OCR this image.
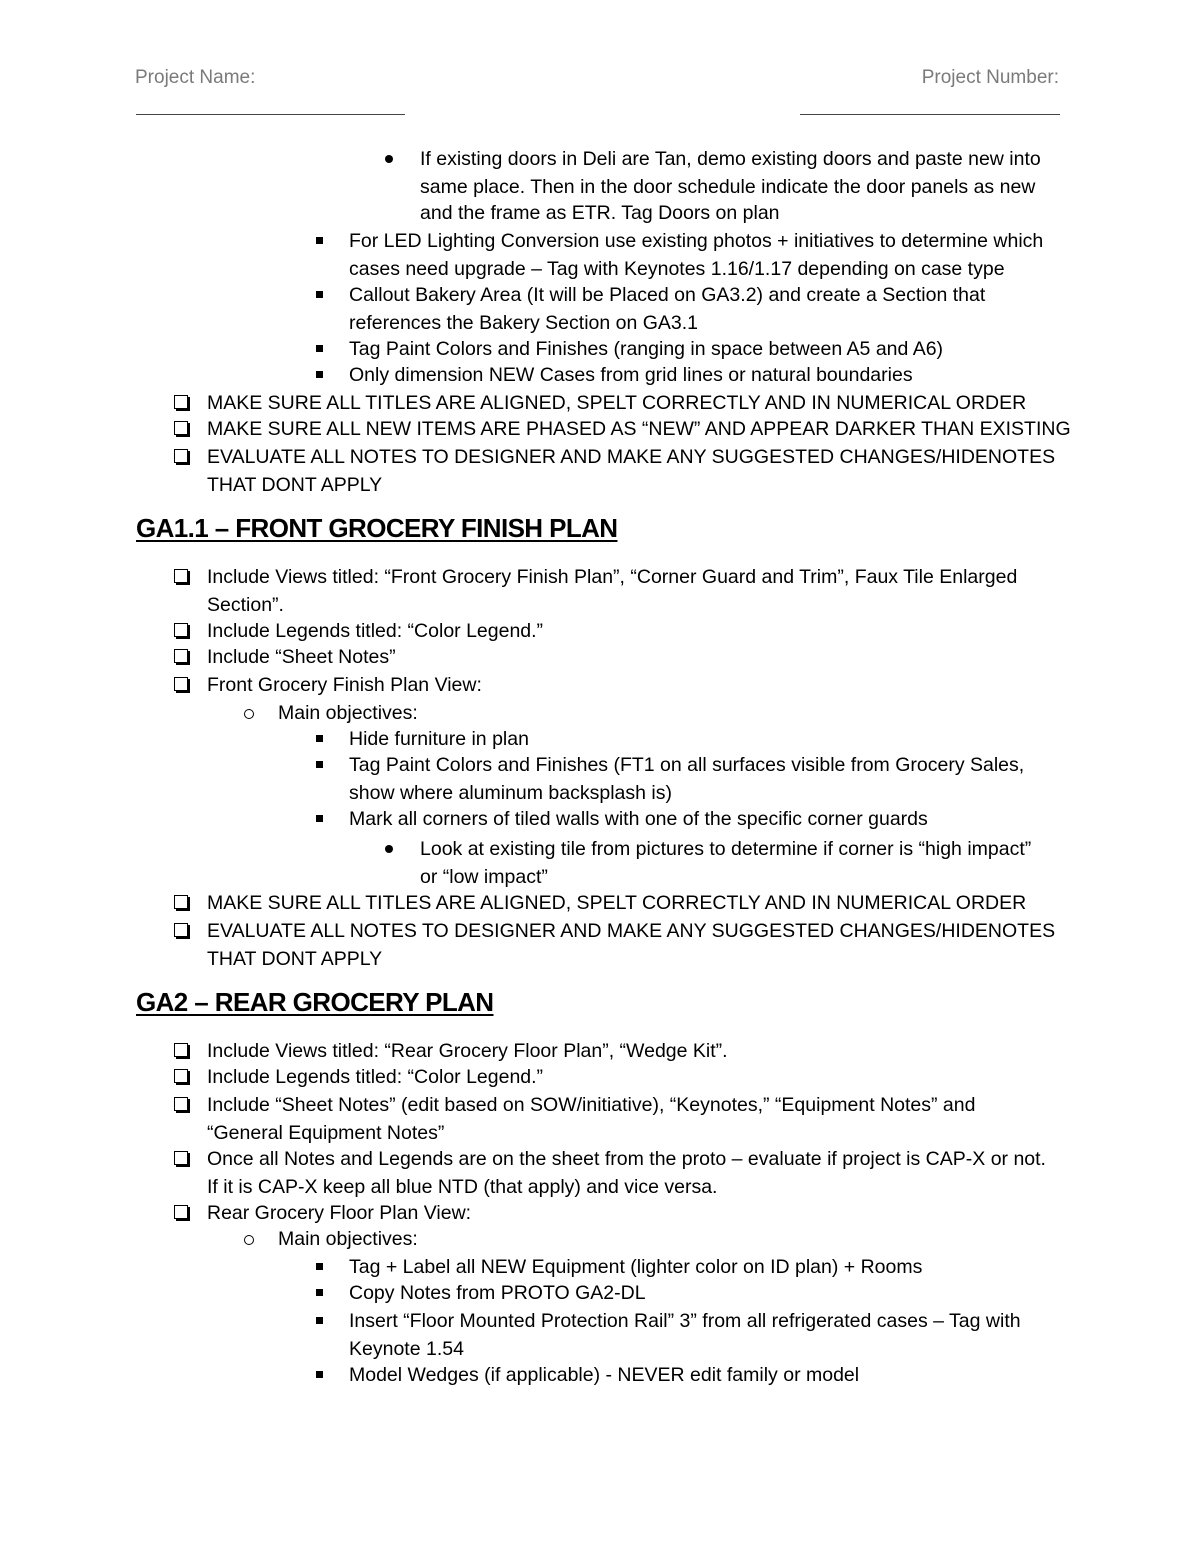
Project Name:	Project Number:
If existing doors in Deli are Tan, demo existing doors and paste new into
same place. Then in the door schedule indicate the door panels as new
and the frame as ETR. Tag Doors on plan
For LED Lighting Conversion use existing photos + initiatives to determine which
cases need upgrade – Tag with Keynotes 1.16/1.17 depending on case type
Callout Bakery Area (It will be Placed on GA3.2) and create a Section that
references the Bakery Section on GA3.1
Tag Paint Colors and Finishes (ranging in space between A5 and A6)
Only dimension NEW Cases from grid lines or natural boundaries
MAKE SURE ALL TITLES ARE ALIGNED, SPELT CORRECTLY AND IN NUMERICAL ORDER
MAKE SURE ALL NEW ITEMS ARE PHASED AS “NEW” AND APPEAR DARKER THAN EXISTING
EVALUATE ALL NOTES TO DESIGNER AND MAKE ANY SUGGESTED CHANGES/HIDENOTES
THAT DONT APPLY
GA1.1 – FRONT GROCERY FINISH PLAN
Include Views titled: “Front Grocery Finish Plan”, “Corner Guard and Trim”, Faux Tile Enlarged
Section”.
Include Legends titled: “Color Legend.”
Include “Sheet Notes”
Front Grocery Finish Plan View:
Main objectives:
Hide furniture in plan
Tag Paint Colors and Finishes (FT1 on all surfaces visible from Grocery Sales,
show where aluminum backsplash is)
Mark all corners of tiled walls with one of the specific corner guards
Look at existing tile from pictures to determine if corner is “high impact”
or “low impact”
MAKE SURE ALL TITLES ARE ALIGNED, SPELT CORRECTLY AND IN NUMERICAL ORDER
EVALUATE ALL NOTES TO DESIGNER AND MAKE ANY SUGGESTED CHANGES/HIDENOTES
THAT DONT APPLY
GA2 – REAR GROCERY PLAN
Include Views titled: “Rear Grocery Floor Plan”, “Wedge Kit”.
Include Legends titled: “Color Legend.”
Include “Sheet Notes” (edit based on SOW/initiative), “Keynotes,” “Equipment Notes” and
“General Equipment Notes”
Once all Notes and Legends are on the sheet from the proto – evaluate if project is CAP-X or not.
If it is CAP-X keep all blue NTD (that apply) and vice versa.
Rear Grocery Floor Plan View:
Main objectives:
Tag + Label all NEW Equipment (lighter color on ID plan) + Rooms
Copy Notes from PROTO GA2-DL
Insert “Floor Mounted Protection Rail” 3” from all refrigerated cases – Tag with
Keynote 1.54
Model Wedges (if applicable) - NEVER edit family or model
